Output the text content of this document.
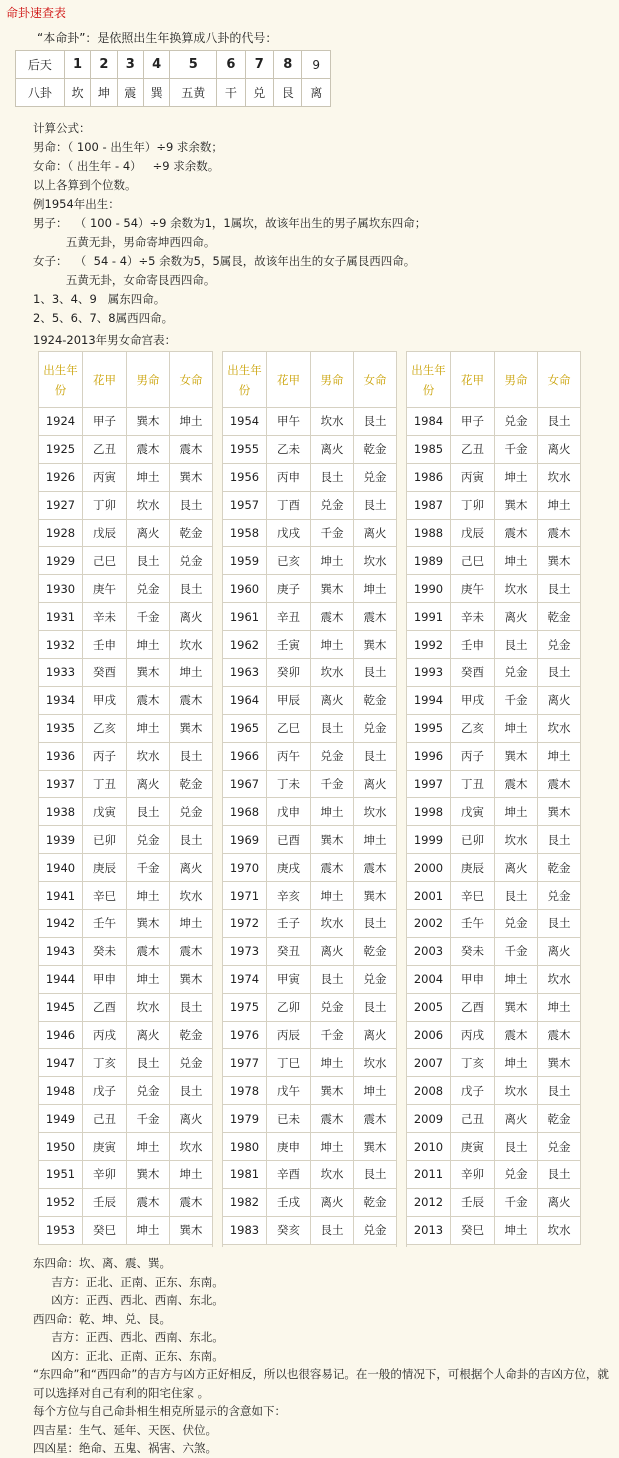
命卦速查表
“本命卦”：是依照出生年换算成八卦的代号：
后天	1	2	3	4	5	6	7	8	9
八卦	坎	坤	震	巽	五黄	干	兑	艮	离
计算公式：
男命：（ 100 - 出生年）÷9 求余数；
女命：（ 出生年 - 4）   ÷9 求余数。
以上各算到个位数。
例1954年出生：
男子：  （ 100 - 54）÷9 余数为1，1属坎，故该年出生的男子属坎东四命；
五黄无卦，男命寄坤西四命。
女子：  （  54 - 4）÷5 余数为5，5属艮，故该年出生的女子属艮西四命。
五黄无卦，女命寄艮西四命。
1、3、4、9   属东四命。
2、5、6、7、8属西四命。
1924-2013年男女命宫表：
出生年份	花甲	男命	女命
1924	甲子	巽木	坤土
1925	乙丑	震木	震木
1926	丙寅	坤土	巽木
1927	丁卯	坎水	艮土
1928	戊辰	离火	乾金
1929	己巳	艮土	兑金
1930	庚午	兑金	艮土
1931	辛未	千金	离火
1932	壬申	坤土	坎水
1933	癸酉	巽木	坤土
1934	甲戌	震木	震木
1935	乙亥	坤土	巽木
1936	丙子	坎水	艮土
1937	丁丑	离火	乾金
1938	戊寅	艮土	兑金
1939	已卯	兑金	艮土
1940	庚辰	千金	离火
1941	辛巳	坤土	坎水
1942	壬午	巽木	坤土
1943	癸未	震木	震木
1944	甲申	坤土	巽木
1945	乙酉	坎水	艮土
1946	丙戌	离火	乾金
1947	丁亥	艮土	兑金
1948	戊子	兑金	艮土
1949	己丑	千金	离火
1950	庚寅	坤土	坎水
1951	辛卯	巽木	坤土
1952	壬辰	震木	震木
1953	癸巳	坤土	巽木
出生年份	花甲	男命	女命
1954	甲午	坎水	艮土
1955	乙未	离火	乾金
1956	丙申	艮土	兑金
1957	丁酉	兑金	艮土
1958	戊戌	千金	离火
1959	已亥	坤土	坎水
1960	庚子	巽木	坤土
1961	辛丑	震木	震木
1962	壬寅	坤土	巽木
1963	癸卯	坎水	艮土
1964	甲辰	离火	乾金
1965	乙巳	艮土	兑金
1966	丙午	兑金	艮土
1967	丁未	千金	离火
1968	戊申	坤土	坎水
1969	已酉	巽木	坤土
1970	庚戌	震木	震木
1971	辛亥	坤土	巽木
1972	壬子	坎水	艮土
1973	癸丑	离火	乾金
1974	甲寅	艮土	兑金
1975	乙卯	兑金	艮土
1976	丙辰	千金	离火
1977	丁巳	坤土	坎水
1978	戊午	巽木	坤土
1979	已未	震木	震木
1980	庚申	坤土	巽木
1981	辛酉	坎水	艮土
1982	壬戌	离火	乾金
1983	癸亥	艮土	兑金
出生年份	花甲	男命	女命
1984	甲子	兑金	艮土
1985	乙丑	千金	离火
1986	丙寅	坤土	坎水
1987	丁卯	巽木	坤土
1988	戊辰	震木	震木
1989	己巳	坤土	巽木
1990	庚午	坎水	艮土
1991	辛未	离火	乾金
1992	壬申	艮土	兑金
1993	癸酉	兑金	艮土
1994	甲戌	千金	离火
1995	乙亥	坤土	坎水
1996	丙子	巽木	坤土
1997	丁丑	震木	震木
1998	戊寅	坤土	巽木
1999	已卯	坎水	艮土
2000	庚辰	离火	乾金
2001	辛巳	艮土	兑金
2002	壬午	兑金	艮土
2003	癸未	千金	离火
2004	甲申	坤土	坎水
2005	乙酉	巽木	坤土
2006	丙戌	震木	震木
2007	丁亥	坤土	巽木
2008	戊子	坎水	艮土
2009	己丑	离火	乾金
2010	庚寅	艮土	兑金
2011	辛卯	兑金	艮土
2012	壬辰	千金	离火
2013	癸巳	坤土	坎水
东四命：坎、离、震、巽。
吉方：正北、正南、正东、东南。
凶方：正西、西北、西南、东北。
西四命：乾、坤、兑、艮。
吉方：正西、西北、西南、东北。
凶方：正北、正南、正东、东南。
“东四命”和“西四命”的吉方与凶方正好相反，所以也很容易记。在一般的情况下，可根据个人命卦的吉凶方位，就可以选择对自己有利的阳宅住家 。
每个方位与自己命卦相生相克所显示的含意如下：
四吉星：生气、延年、天医、伏位。
四凶星：绝命、五鬼、祸害、六煞。
